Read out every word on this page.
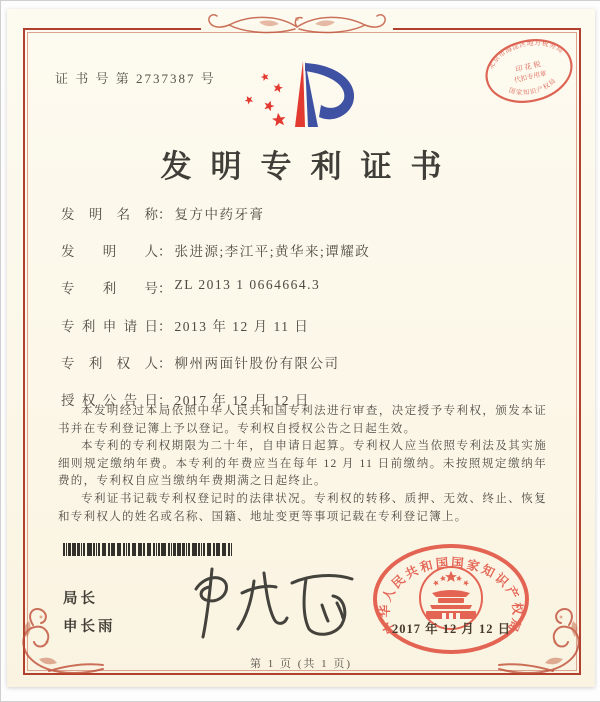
证 书 号 第 2737387 号
北京市海淀区地方税务局
国家知识产权局
印 花 税
代扣专用章
发明专利证书
发明名称： 复方中药牙膏
发明人： 张进源;李江平;黄华来;谭耀政
专利号： ZL 2013 1 0664664.3
专利申请日： 2013 年 12 月 11 日
专利权人： 柳州两面针股份有限公司
授权公告日： 2017 年 12 月 12 日

本发明经过本局依照中华人民共和国专利法进行审查，决定授予专利权，颁发本证书并在专利登记簿上予以登记。专利权自授权公告之日起生效。

本专利的专利权期限为二十年，自申请日起算。专利权人应当依照专利法及其实施细则规定缴纳年费。本专利的年费应当在每年 12 月 11 日前缴纳。未按照规定缴纳年费的，专利权自应当缴纳年费期满之日起终止。

专利证书记载专利权登记时的法律状况。专利权的转移、质押、无效、终止、恢复和专利权人的姓名或名称、国籍、地址变更等事项记载在专利登记簿上。

局长
申长雨	中华人民共和国国家知识产权局
2017 年 12 月 12 日
第 1 页 (共 1 页)
